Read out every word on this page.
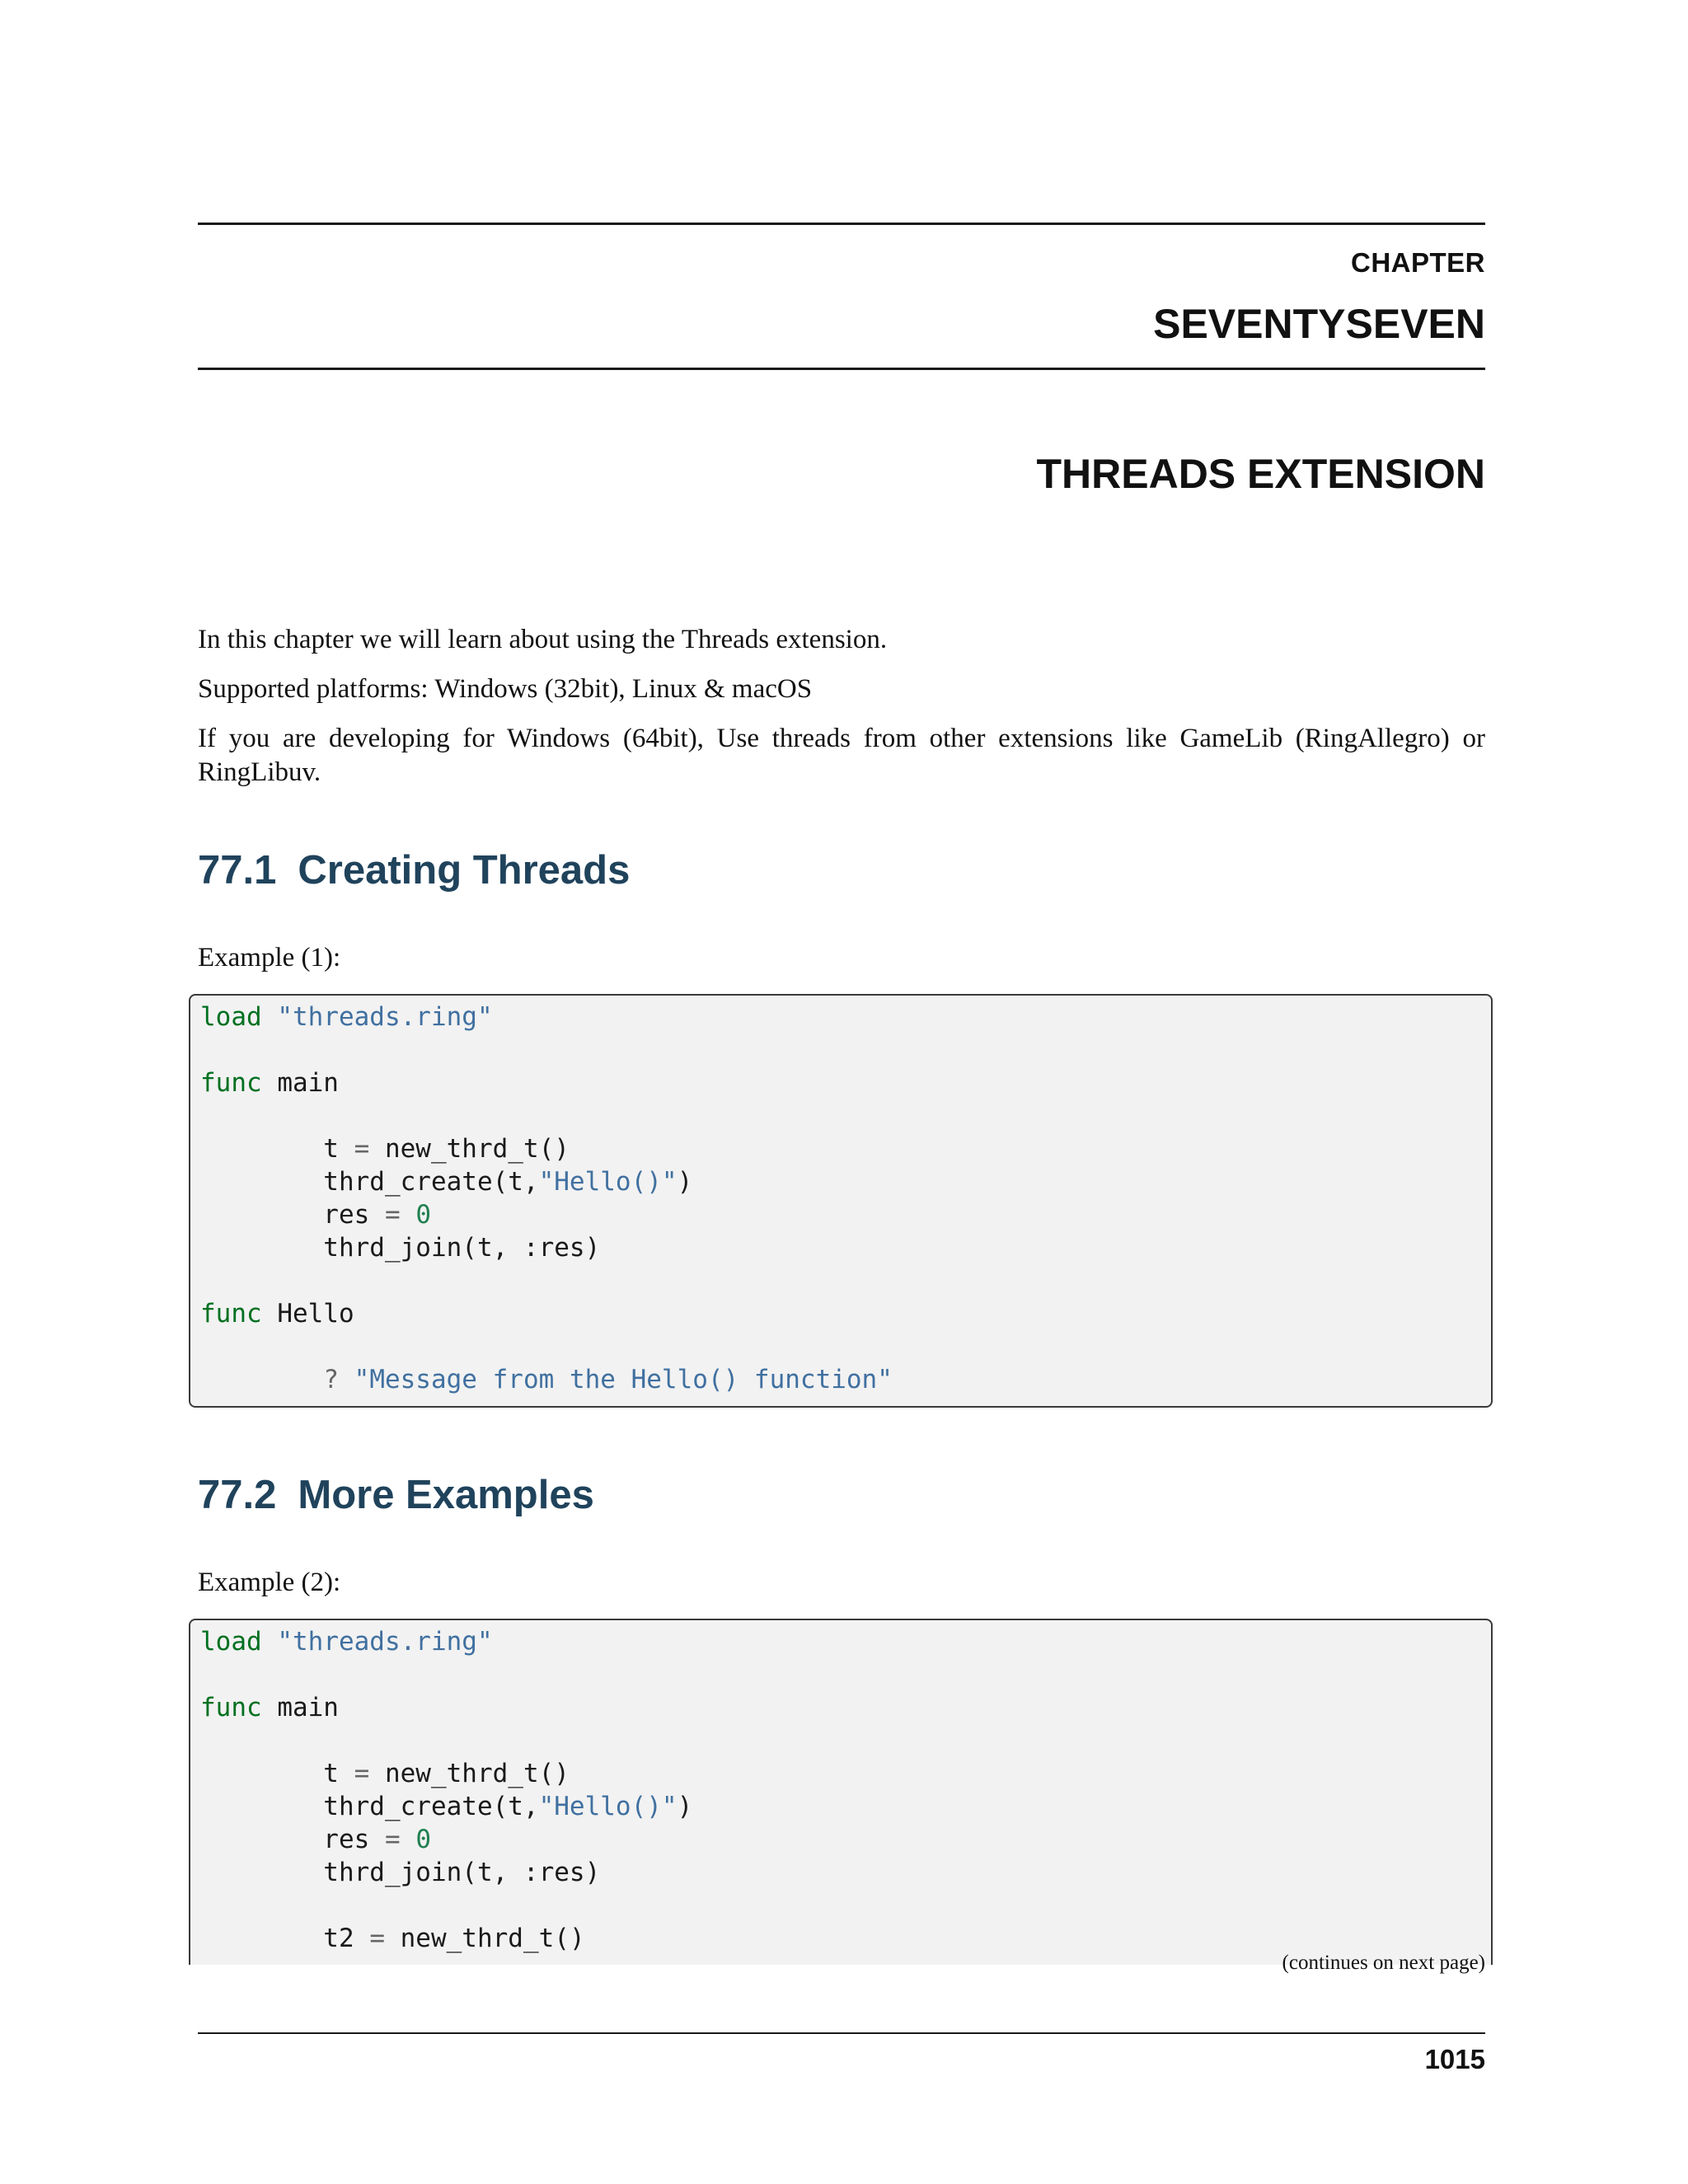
CHAPTER
SEVENTYSEVEN
THREADS EXTENSION
In this chapter we will learn about using the Threads extension.
Supported platforms: Windows (32bit), Linux & macOS
If you are developing for Windows (64bit), Use threads from other extensions like GameLib (RingAllegro) or RingLibuv.
77.1 Creating Threads
Example (1):
load "threads.ring"
func main
t = new_thrd_t()
thrd_create(t,"Hello()")
res = 0
thrd_join(t, :res)
func Hello
? "Message from the Hello() function"
77.2 More Examples
Example (2):
load "threads.ring"
func main
t = new_thrd_t()
thrd_create(t,"Hello()")
res = 0
thrd_join(t, :res)
t2 = new_thrd_t()
(continues on next page)
1015
